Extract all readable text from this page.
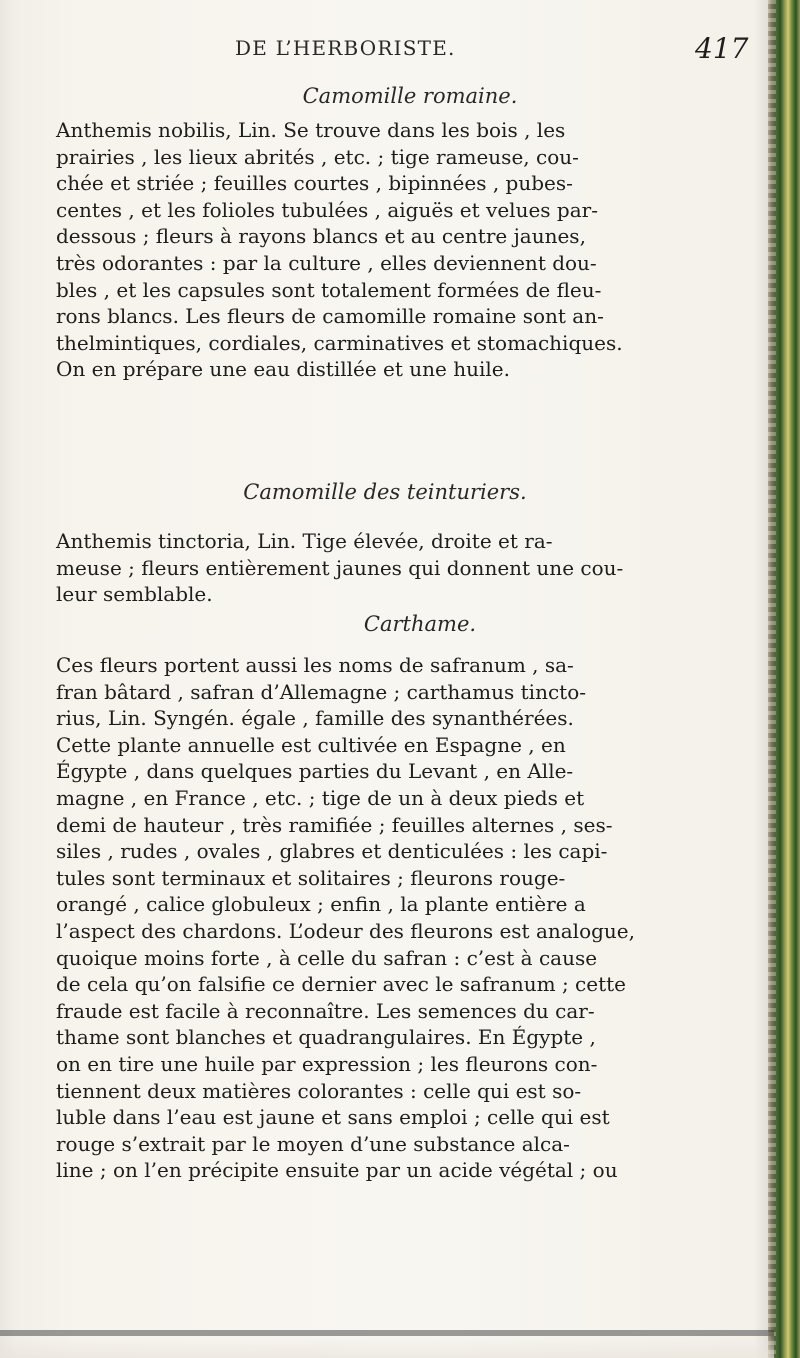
DE L’HERBORISTE.	417
Camomille romaine.

Anthemis nobilis, Lin. Se trouve dans les bois , les
prairies , les lieux abrités , etc. ; tige rameuse, cou-
chée et striée ; feuilles courtes , bipinnées , pubes-
centes , et les folioles tubulées , aiguës et velues par-
dessous ; fleurs à rayons blancs et au centre jaunes,
très odorantes : par la culture , elles deviennent dou-
bles , et les capsules sont totalement formées de fleu-
rons blancs. Les fleurs de camomille romaine sont an-
thelmintiques, cordiales, carminatives et stomachiques.
On en prépare une eau distillée et une huile.

Camomille des teinturiers.

Anthemis tinctoria, Lin. Tige élevée, droite et ra-
meuse ; fleurs entièrement jaunes qui donnent une cou-
leur semblable.

Carthame.

Ces fleurs portent aussi les noms de safranum , sa-
fran bâtard , safran d’Allemagne ; carthamus tincto-
rius, Lin. Syngén. égale , famille des synanthérées.
Cette plante annuelle est cultivée en Espagne , en
Égypte , dans quelques parties du Levant , en Alle-
magne , en France , etc. ; tige de un à deux pieds et
demi de hauteur , très ramifiée ; feuilles alternes , ses-
siles , rudes , ovales , glabres et denticulées : les capi-
tules sont terminaux et solitaires ; fleurons rouge-
orangé , calice globuleux ; enfin , la plante entière a
l’aspect des chardons. L’odeur des fleurons est analogue,
quoique moins forte , à celle du safran : c’est à cause
de cela qu’on falsifie ce dernier avec le safranum ; cette
fraude est facile à reconnaître. Les semences du car-
thame sont blanches et quadrangulaires. En Égypte ,
on en tire une huile par expression ; les fleurons con-
tiennent deux matières colorantes : celle qui est so-
luble dans l’eau est jaune et sans emploi ; celle qui est
rouge s’extrait par le moyen d’une substance alca-
line ; on l’en précipite ensuite par un acide végétal ; ou
